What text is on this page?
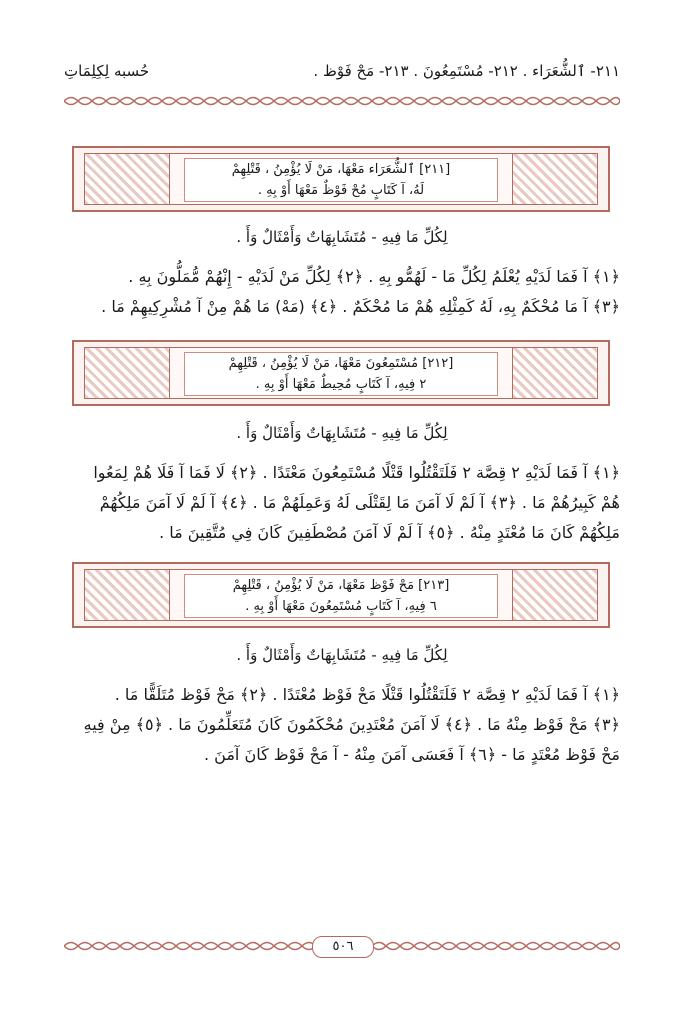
٢١١- ٱلشُّعَرَاء . ٢١٢- مُسْتَمِعُونَ . ٢١٣- مَحْ فَوْظ .
حُسبه لِكِلِمَاتِ
[٢١١] ٱلشُّعَرَاء مَعْهَا، مَنْ لَا يُؤْمِنُ ، قَتْلِهِمْ
لَهُ، آ كَتَابٍ مُحْ فَوْظٌ مَعْهَا أَوْ بِهِ .
لِكُلِّ مَا فِيهِ - مُتَشَابِهَاتٌ وَأَمْثَالٌ وَأَ .

﴿١﴾ آ فَمَا لَدَيْهِ يُعْلَمُ لِكُلِّ مَا - لَهُمُّو بِهِ . ﴿٢﴾ لِكُلِّ مَنْ لَدَيْهِ - إِنْهُمْ مُّمَلُّونَ بِهِ .

﴿٣﴾ آ مَا مُحْكَمٌ بِهِ، لَهُ كَمِثْلِهِ هُمْ مَا مُحْكَمٌ . ﴿٤﴾ (مَهْ) مَا هُمْ مِنْ آ مُشْرِكِيهِمْ مَا .

[٢١٢] مُسْتَمِعُونَ مَعْهَا، مَنْ لَا يُؤْمِنُ ، قَتْلِهِمْ
٢ فِيهِ، آ كَتَابٍ مُحِيطٌ مَعْهَا أَوْ بِهِ .
لِكُلِّ مَا فِيهِ - مُتَشَابِهَاتٌ وَأَمْثَالٌ وَأَ .

﴿١﴾ آ فَمَا لَدَيْهِ ٢ قِصَّة ٢ فَلَتَقْتُلُوا قَتْلًا مُسْتَمِعُونَ مَعْتَدًا . ﴿٢﴾ لَا فَمَا آ فَلَا هُمْ لِمَعُوا

هُمْ كَبِيرُهُمْ مَا . ﴿٣﴾ آ لَمْ لَا آمَنَ مَا لِقَتْلَى لَهُ وَعَمِلَهُمْ مَا . ﴿٤﴾ آ لَمْ لَا آمَنَ مَلِكُهُمْ

مَلِكُهُمْ كَانَ مَا مُعْتَدٍ مِنْهُ . ﴿٥﴾ آ لَمْ لَا آمَنَ مُصْطَفِينَ كَانَ فِي مُتَّقِينَ مَا .

[٢١٣] مَحْ فَوْظ مَعْهَا، مَنْ لَا يُؤْمِنُ ، قَتْلِهِمْ
٦ فِيهِ، آ كَتَابٍ مُسْتَمِعُونَ مَعْهَا أَوْ بِهِ .
لِكُلِّ مَا فِيهِ - مُتَشَابِهَاتٌ وَأَمْثَالٌ وَأَ .

﴿١﴾ آ فَمَا لَدَيْهِ ٢ قِصَّة ٢ فَلَتَقْتُلُوا قَتْلًا مَحْ فَوْظ مُعْتَدًا . ﴿٢﴾ مَحْ فَوْظ مُتَلَقًّا مَا .

﴿٣﴾ مَحْ فَوْظ مِنْهُ مَا . ﴿٤﴾ لَا آمَنَ مُعْتَدِينَ مُحْكَمُونَ كَانَ مُتَعَلِّمُونَ مَا . ﴿٥﴾ مِنْ فِيهِ

مَحْ فَوْظ مُعْتَدٍ مَا - ﴿٦﴾ آ فَعَسَى آمَنَ مِنْهُ - آ مَحْ فَوْظ كَانَ آمَنَ .

٥٠٦
